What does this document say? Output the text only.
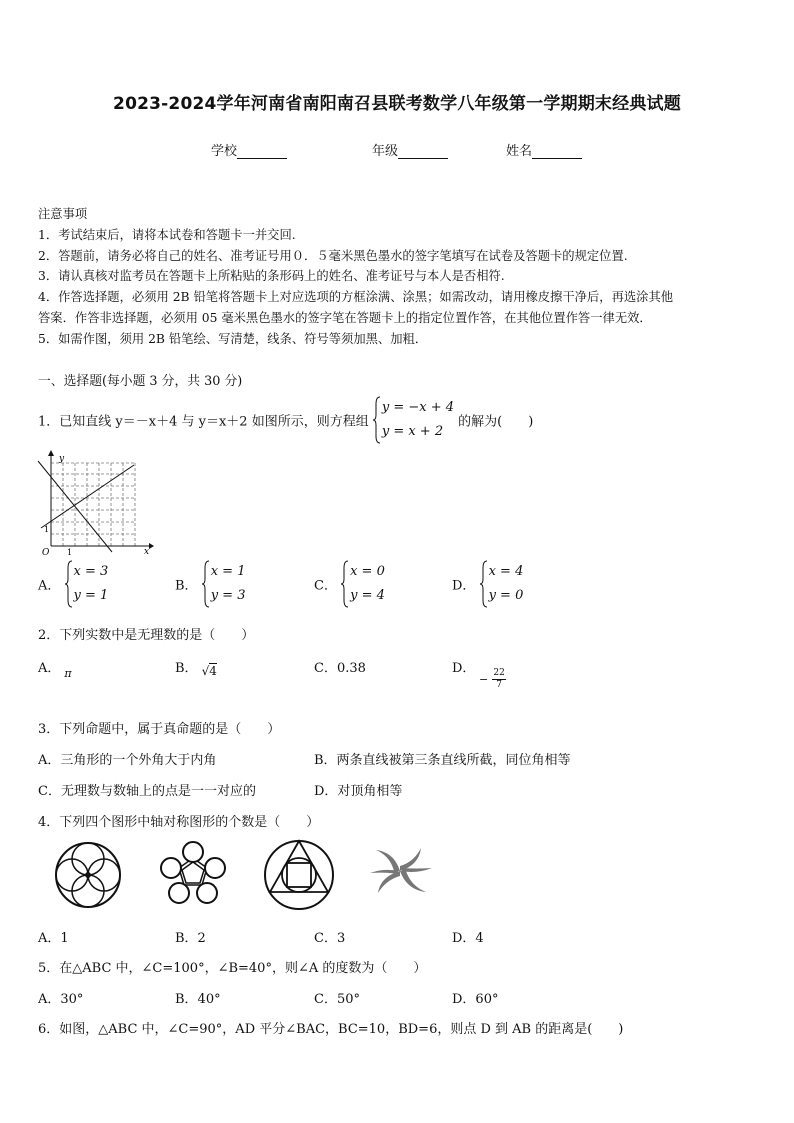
2023-2024学年河南省南阳南召县联考数学八年级第一学期期末经典试题
学校	年级	姓名
注意事项
1．考试结束后，请将本试卷和答题卡一并交回.
2．答题前，请务必将自己的姓名、准考证号用０．５毫米黑色墨水的签字笔填写在试卷及答题卡的规定位置.
3．请认真核对监考员在答题卡上所粘贴的条形码上的姓名、准考证号与本人是否相符.
4．作答选择题，必须用 2B 铅笔将答题卡上对应选项的方框涂满、涂黑；如需改动，请用橡皮擦干净后，再选涂其他
答案．作答非选择题，必须用 05 毫米黑色墨水的签字笔在答题卡上的指定位置作答，在其他位置作答一律无效．
5．如需作图，须用 2B 铅笔绘、写清楚，线条、符号等须加黑、加粗．
一、选择题(每小题 3 分，共 30 分)
1．已知直线 y＝－x＋4 与 y＝x＋2 如图所示，则方程组
y = −x + 4
y = x + 2
的解为(　　)
y
x
O 1
1
A．
x = 3
y = 1
B．
x = 1
y = 3
C．
x = 0
y = 4
D．
x = 4
y = 0
2．下列实数中是无理数的是（　　）
A． $_\pi$	B． √4	C．0.38	D．
− $\frac{22}{7}$
3．下列命题中，属于真命题的是（　　）
A．三角形的一个外角大于内角	B．两条直线被第三条直线所截，同位角相等
C．无理数与数轴上的点是一一对应的	D．对顶角相等
4．下列四个图形中轴对称图形的个数是（　　）
A．1	B．2	C．3	D．4
5．在△ABC 中，∠C=100°，∠B=40°，则∠A 的度数为（　　）
A．30°	B．40°	C．50°	D．60°
6．如图，△ABC 中，∠C=90°，AD 平分∠BAC，BC=10，BD=6，则点 D 到 AB 的距离是(　　)
